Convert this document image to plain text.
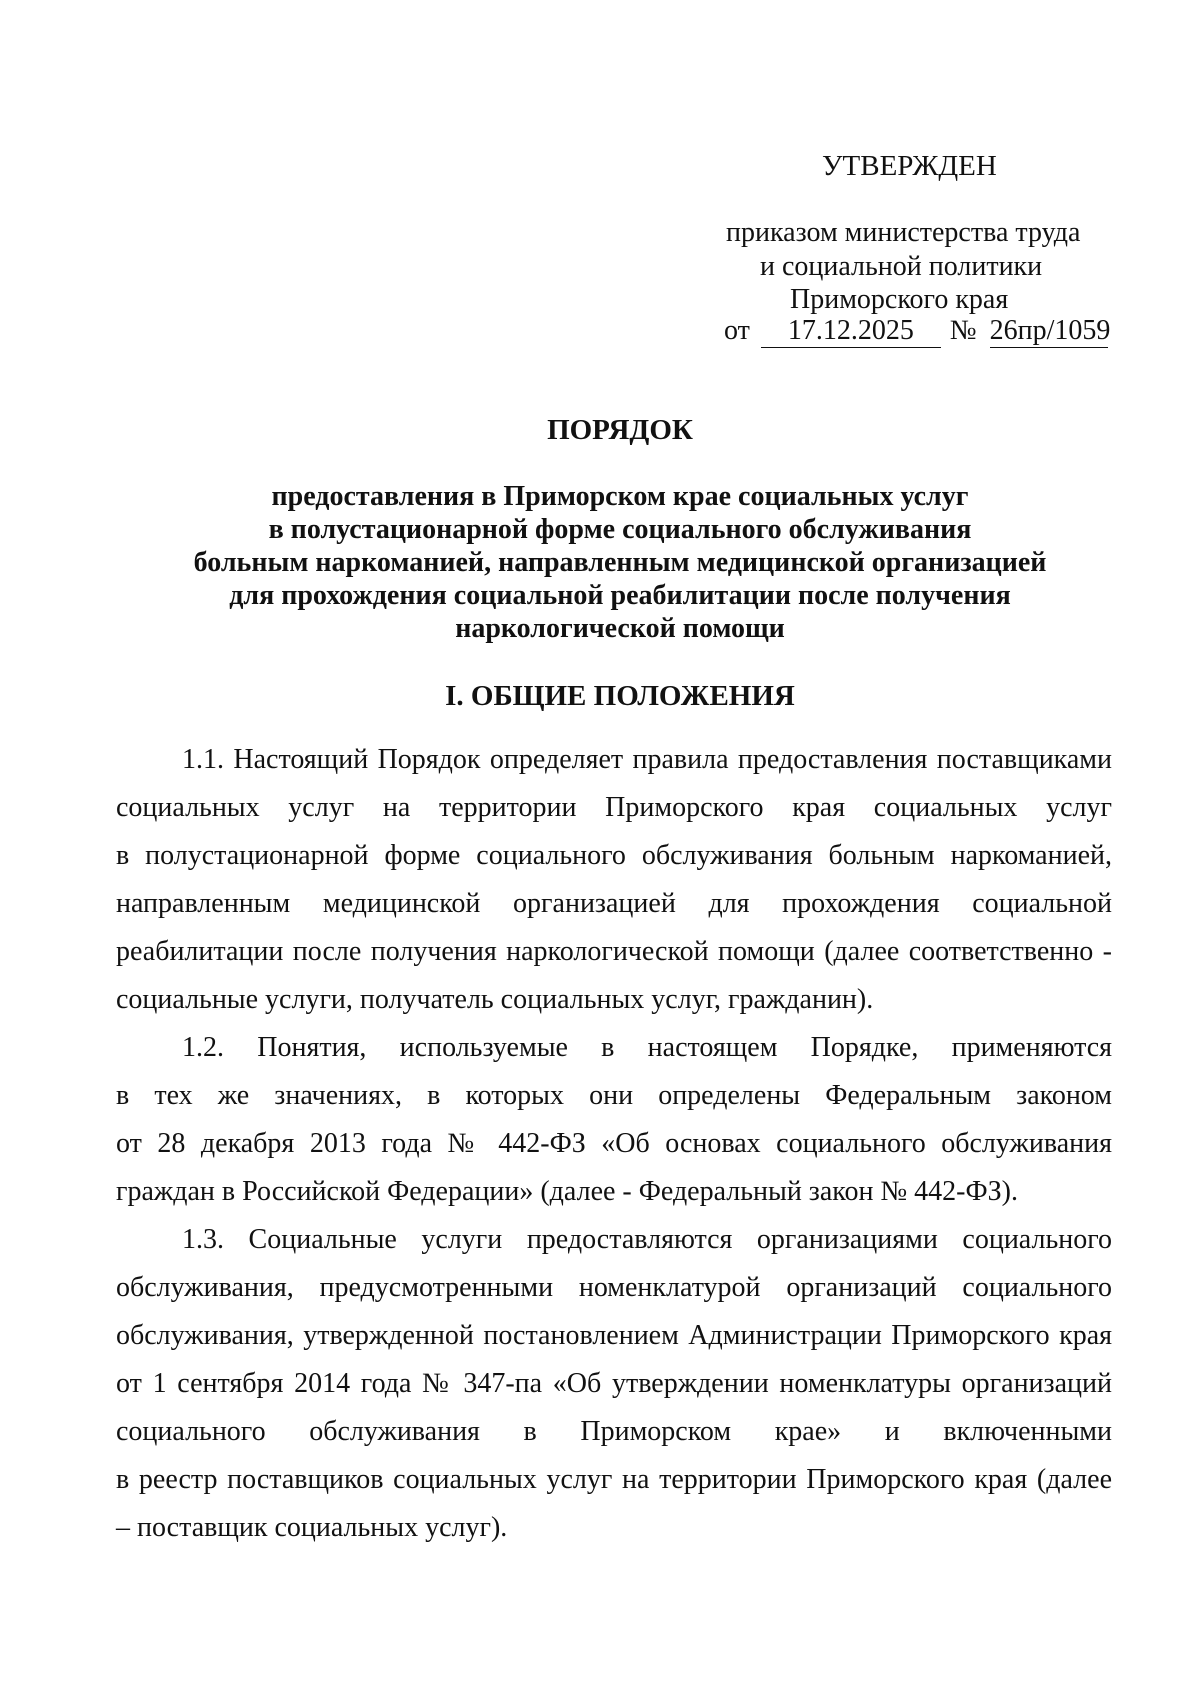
УТВЕРЖДЕН
приказом министерства труда
и социальной политики
Приморского края
от 17.12.2025 № 26пр/1059
ПОРЯДОК
предоставления в Приморском крае социальных услуг
в полустационарной форме социального обслуживания
больным наркоманией, направленным медицинской организацией
для прохождения социальной реабилитации после получения
наркологической помощи
I. ОБЩИЕ ПОЛОЖЕНИЯ
1.1. Настоящий Порядок определяет правила предоставления поставщиками
социальных услуг на территории Приморского края социальных услуг
в полустационарной форме социального обслуживания больным наркоманией,
направленным медицинской организацией для прохождения социальной
реабилитации после получения наркологической помощи (далее соответственно -
социальные услуги, получатель социальных услуг, гражданин).
1.2. Понятия, используемые в настоящем Порядке, применяются
в тех же значениях, в которых они определены Федеральным законом
от 28 декабря 2013 года № 442-ФЗ «Об основах социального обслуживания
граждан в Российской Федерации» (далее - Федеральный закон № 442-ФЗ).
1.3. Социальные услуги предоставляются организациями социального
обслуживания, предусмотренными номенклатурой организаций социального
обслуживания, утвержденной постановлением Администрации Приморского края
от 1 сентября 2014 года № 347-па «Об утверждении номенклатуры организаций
социального обслуживания в Приморском крае» и включенными
в реестр поставщиков социальных услуг на территории Приморского края (далее
– поставщик социальных услуг).
